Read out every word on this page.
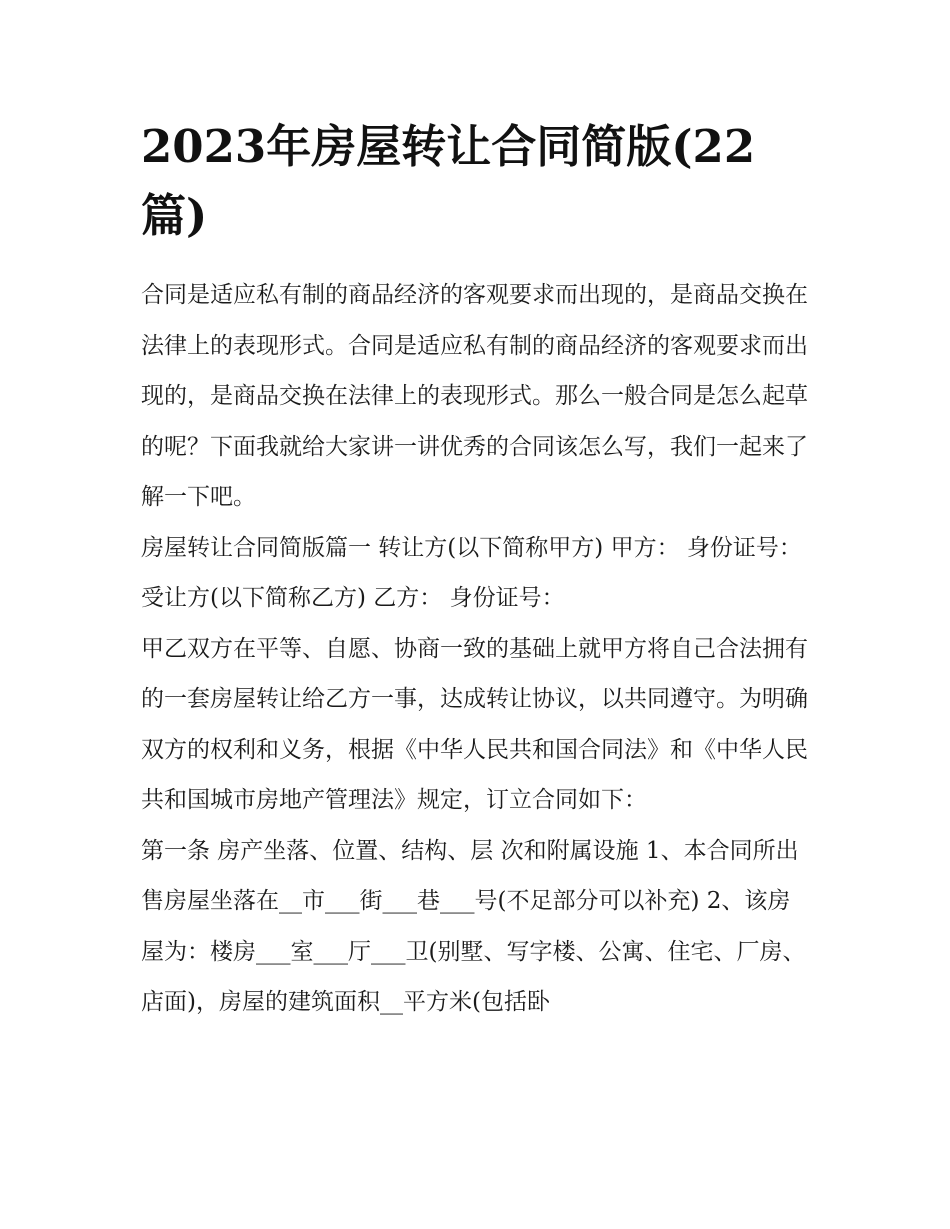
2023年房屋转让合同简版(22篇)

合同是适应私有制的商品经济的客观要求而出现的，是商品交换在法律上的表现形式。合同是适应私有制的商品经济的客观要求而出现的，是商品交换在法律上的表现形式。那么一般合同是怎么起草的呢？下面我就给大家讲一讲优秀的合同该怎么写，我们一起来了解一下吧。

房屋转让合同简版篇一 转让方(以下简称甲方) 甲方： 身份证号： 受让方(以下简称乙方) 乙方： 身份证号：

甲乙双方在平等、自愿、协商一致的基础上就甲方将自己合法拥有的一套房屋转让给乙方一事，达成转让协议，以共同遵守。为明确双方的权利和义务，根据《中华人民共和国合同法》和《中华人民共和国城市房地产管理法》规定，订立合同如下：

第一条 房产坐落、位置、结构、层 次和附属设施 1、本合同所出售房屋坐落在__市___街___巷___号(不足部分可以补充) 2、该房屋为：楼房___室___厅___卫(别墅、写字楼、公寓、住宅、厂房、店面)，房屋的建筑面积__平方米(包括卧
